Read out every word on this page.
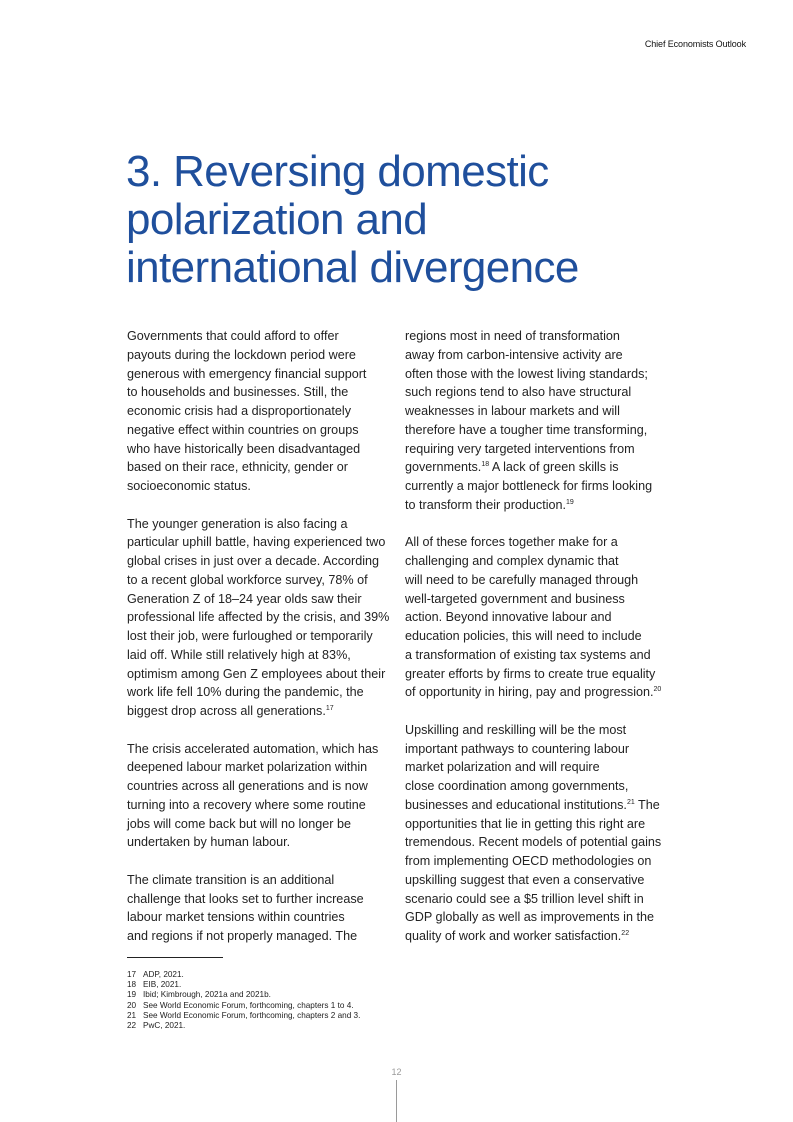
Chief Economists Outlook
3. Reversing domestic
polarization and
international divergence
Governments that could afford to offer
payouts during the lockdown period were
generous with emergency financial support
to households and businesses. Still, the
economic crisis had a disproportionately
negative effect within countries on groups
who have historically been disadvantaged
based on their race, ethnicity, gender or
socioeconomic status.
The younger generation is also facing a
particular uphill battle, having experienced two
global crises in just over a decade. According
to a recent global workforce survey, 78% of
Generation Z of 18–24 year olds saw their
professional life affected by the crisis, and 39%
lost their job, were furloughed or temporarily
laid off. While still relatively high at 83%,
optimism among Gen Z employees about their
work life fell 10% during the pandemic, the
biggest drop across all generations.$^{17}$
The crisis accelerated automation, which has
deepened labour market polarization within
countries across all generations and is now
turning into a recovery where some routine
jobs will come back but will no longer be
undertaken by human labour.
The climate transition is an additional
challenge that looks set to further increase
labour market tensions within countries
and regions if not properly managed. The
regions most in need of transformation
away from carbon-intensive activity are
often those with the lowest living standards;
such regions tend to also have structural
weaknesses in labour markets and will
therefore have a tougher time transforming,
requiring very targeted interventions from
governments.$^{18}$ A lack of green skills is
currently a major bottleneck for firms looking
to transform their production.$^{19}$
All of these forces together make for a
challenging and complex dynamic that
will need to be carefully managed through
well-targeted government and business
action. Beyond innovative labour and
education policies, this will need to include
a transformation of existing tax systems and
greater efforts by firms to create true equality
of opportunity in hiring, pay and progression.$^{20}$
Upskilling and reskilling will be the most
important pathways to countering labour
market polarization and will require
close coordination among governments,
businesses and educational institutions.$^{21}$ The
opportunities that lie in getting this right are
tremendous. Recent models of potential gains
from implementing OECD methodologies on
upskilling suggest that even a conservative
scenario could see a $5 trillion level shift in
GDP globally as well as improvements in the
quality of work and worker satisfaction.$^{22}$
17 ADP, 2021.
18 EIB, 2021.
19 Ibid; Kimbrough, 2021a and 2021b.
20 See World Economic Forum, forthcoming, chapters 1 to 4.
21 See World Economic Forum, forthcoming, chapters 2 and 3.
22 PwC, 2021.
12
